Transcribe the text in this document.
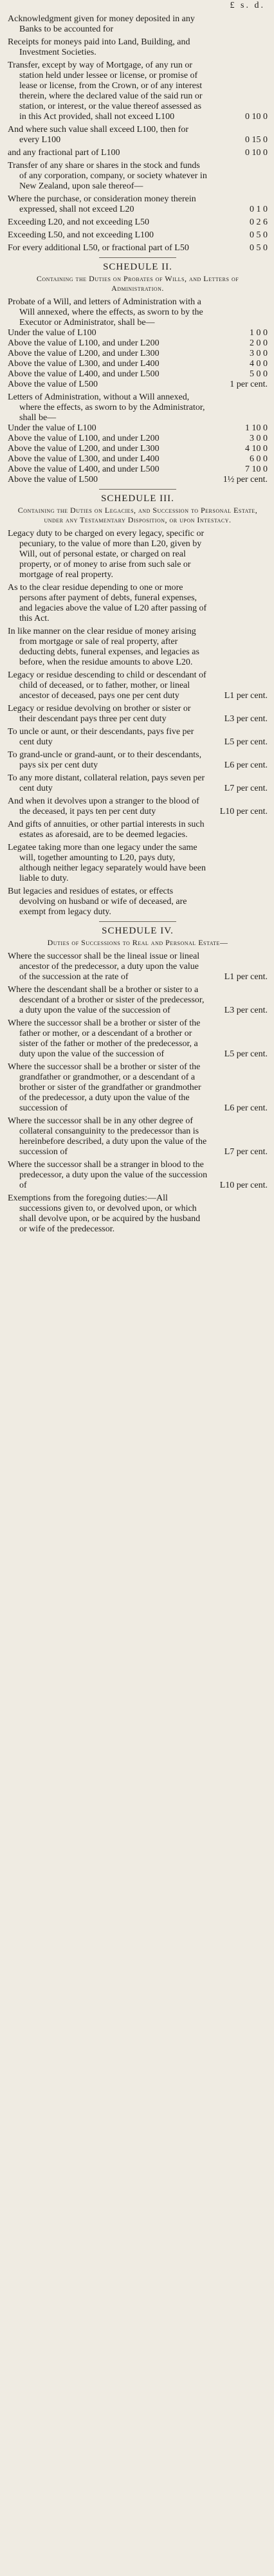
£ s. d.
Acknowledgment given for money deposited in any Banks to be accounted for
Receipts for moneys paid into Land, Building, and Investment Societies.
Transfer, except by way of Mortgage, of any run or station held under lessee or license, or promise of lease or license, from the Crown, or of any interest therein, where the declared value of the said run or station, or interest, or the value thereof assessed as in this Act provided, shall not exceed L100	0 10 0
And where such value shall exceed L100, then for every L100	0 15 0
and any fractional part of L100	0 10 0
Transfer of any share or shares in the stock and funds of any corporation, company, or society whatever in New Zealand, upon sale thereof—
Where the purchase, or consideration money therein expressed, shall not exceed L20	0 1 0
Exceeding L20, and not exceeding L50	0 2 6
Exceeding L50, and not exceeding L100	0 5 0
For every additional L50, or fractional part of L50	0 5 0
SCHEDULE II.
Containing the Duties on Probates of Wills, and Letters of Administration.
Probate of a Will, and letters of Administration with a Will annexed, where the effects, as sworn to by the Executor or Administrator, shall be—
Under the value of L100	1 0 0
Above the value of L100, and under L200	2 0 0
Above the value of L200, and under L300	3 0 0
Above the value of L300, and under L400	4 0 0
Above the value of L400, and under L500	5 0 0
Above the value of L500	1 per cent.
Letters of Administration, without a Will annexed, where the effects, as sworn to by the Administrator, shall be—
Under the value of L100	1 10 0
Above the value of L100, and under L200	3 0 0
Above the value of L200, and under L300	4 10 0
Above the value of L300, and under L400	6 0 0
Above the value of L400, and under L500	7 10 0
Above the value of L500	1½ per cent.
SCHEDULE III.
Containing the Duties on Legacies, and Succession to Personal Estate, under any Testamentary Disposition, or upon Intestacy.
Legacy duty to be charged on every legacy, specific or pecuniary, to the value of more than L20, given by Will, out of personal estate, or charged on real property, or of money to arise from such sale or mortgage of real property.
As to the clear residue depending to one or more persons after payment of debts, funeral expenses, and legacies above the value of L20 after passing of this Act.
In like manner on the clear residue of money arising from mortgage or sale of real property, after deducting debts, funeral expenses, and legacies as before, when the residue amounts to above L20.
Legacy or residue descending to child or descendant of child of deceased, or to father, mother, or lineal ancestor of deceased, pays one per cent duty	L1 per cent.
Legacy or residue devolving on brother or sister or their descendant pays three per cent duty	L3 per cent.
To uncle or aunt, or their descendants, pays five per cent duty	L5 per cent.
To grand-uncle or grand-aunt, or to their descendants, pays six per cent duty	L6 per cent.
To any more distant, collateral relation, pays seven per cent duty	L7 per cent.
And when it devolves upon a stranger to the blood of the deceased, it pays ten per cent duty	L10 per cent.
And gifts of annuities, or other partial interests in such estates as aforesaid, are to be deemed legacies.
Legatee taking more than one legacy under the same will, together amounting to L20, pays duty, although neither legacy separately would have been liable to duty.
But legacies and residues of estates, or effects devolving on husband or wife of deceased, are exempt from legacy duty.
SCHEDULE IV.
Duties of Successions to Real and Personal Estate—
Where the successor shall be the lineal issue or lineal ancestor of the predecessor, a duty upon the value of the succession at the rate of	L1 per cent.
Where the descendant shall be a brother or sister to a descendant of a brother or sister of the predecessor, a duty upon the value of the succession of	L3 per cent.
Where the successor shall be a brother or sister of the father or mother, or a descendant of a brother or sister of the father or mother of the predecessor, a duty upon the value of the succession of	L5 per cent.
Where the successor shall be a brother or sister of the grandfather or grandmother, or a descendant of a brother or sister of the grandfather or grandmother of the predecessor, a duty upon the value of the succession of	L6 per cent.
Where the successor shall be in any other degree of collateral consanguinity to the predecessor than is hereinbefore described, a duty upon the value of the succession of	L7 per cent.
Where the successor shall be a stranger in blood to the predecessor, a duty upon the value of the succession of	L10 per cent.
Exemptions from the foregoing duties:—All successions given to, or devolved upon, or which shall devolve upon, or be acquired by the husband or wife of the predecessor.
